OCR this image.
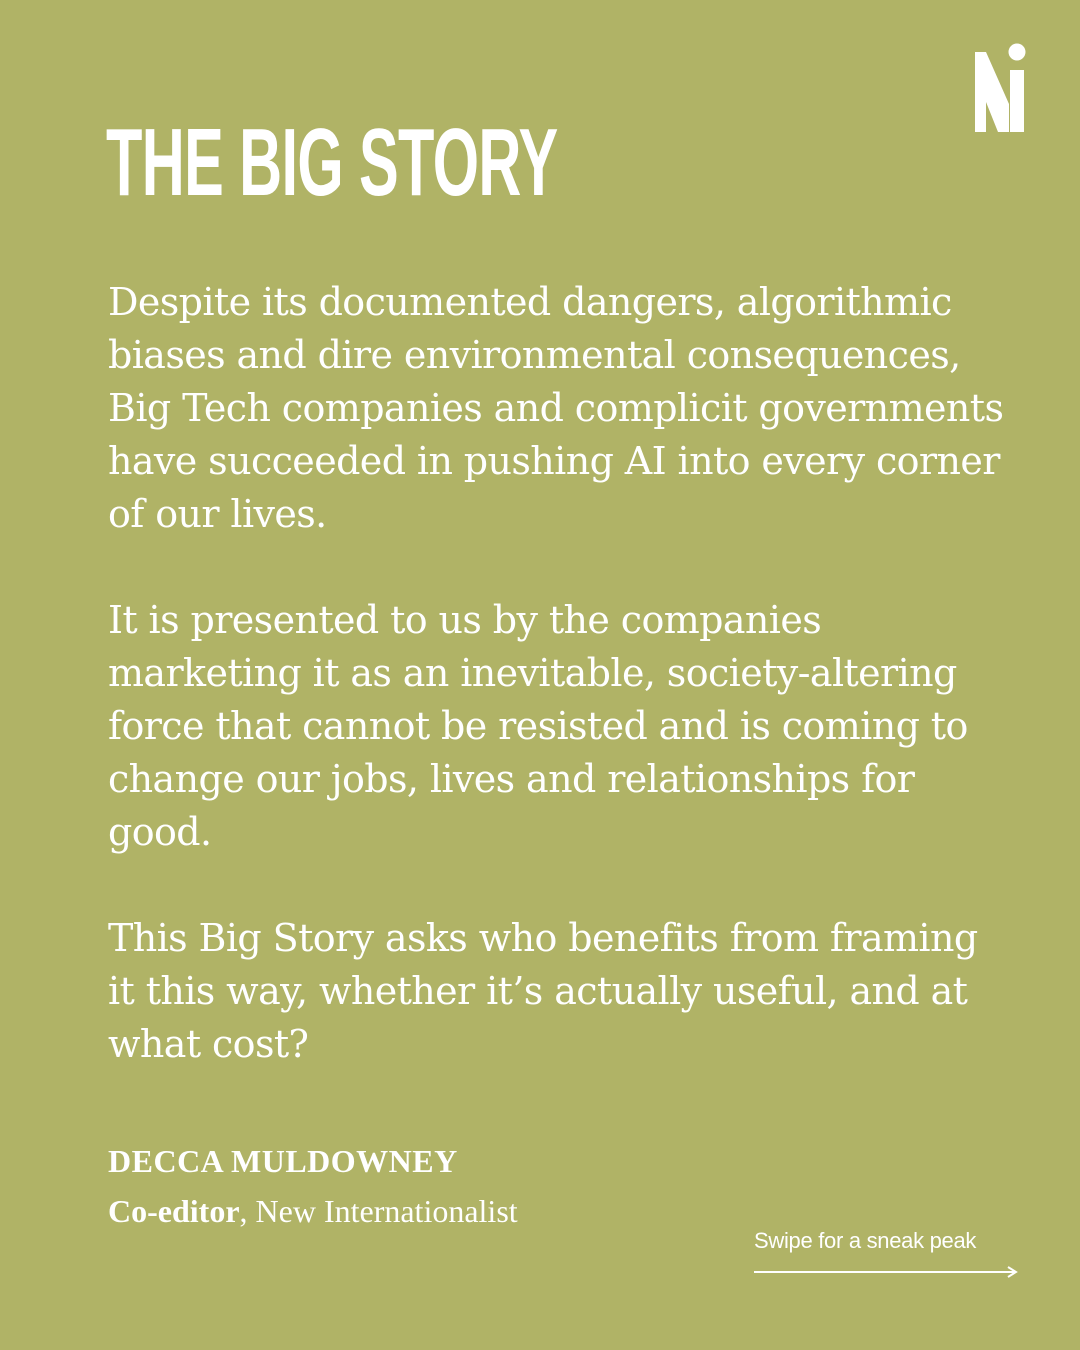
THE BIG STORY

Despite its documented dangers, algorithmic biases and dire environmental consequences, Big Tech companies and complicit governments have succeeded in pushing AI into every corner of our lives.

It is presented to us by the companies marketing it as an inevitable, society-altering force that cannot be resisted and is coming to change our jobs, lives and relationships for good.

This Big Story asks who benefits from framing it this way, whether it’s actually useful, and at what cost?

DECCA MULDOWNEY
Co-editor, New Internationalist
Swipe for a sneak peak
